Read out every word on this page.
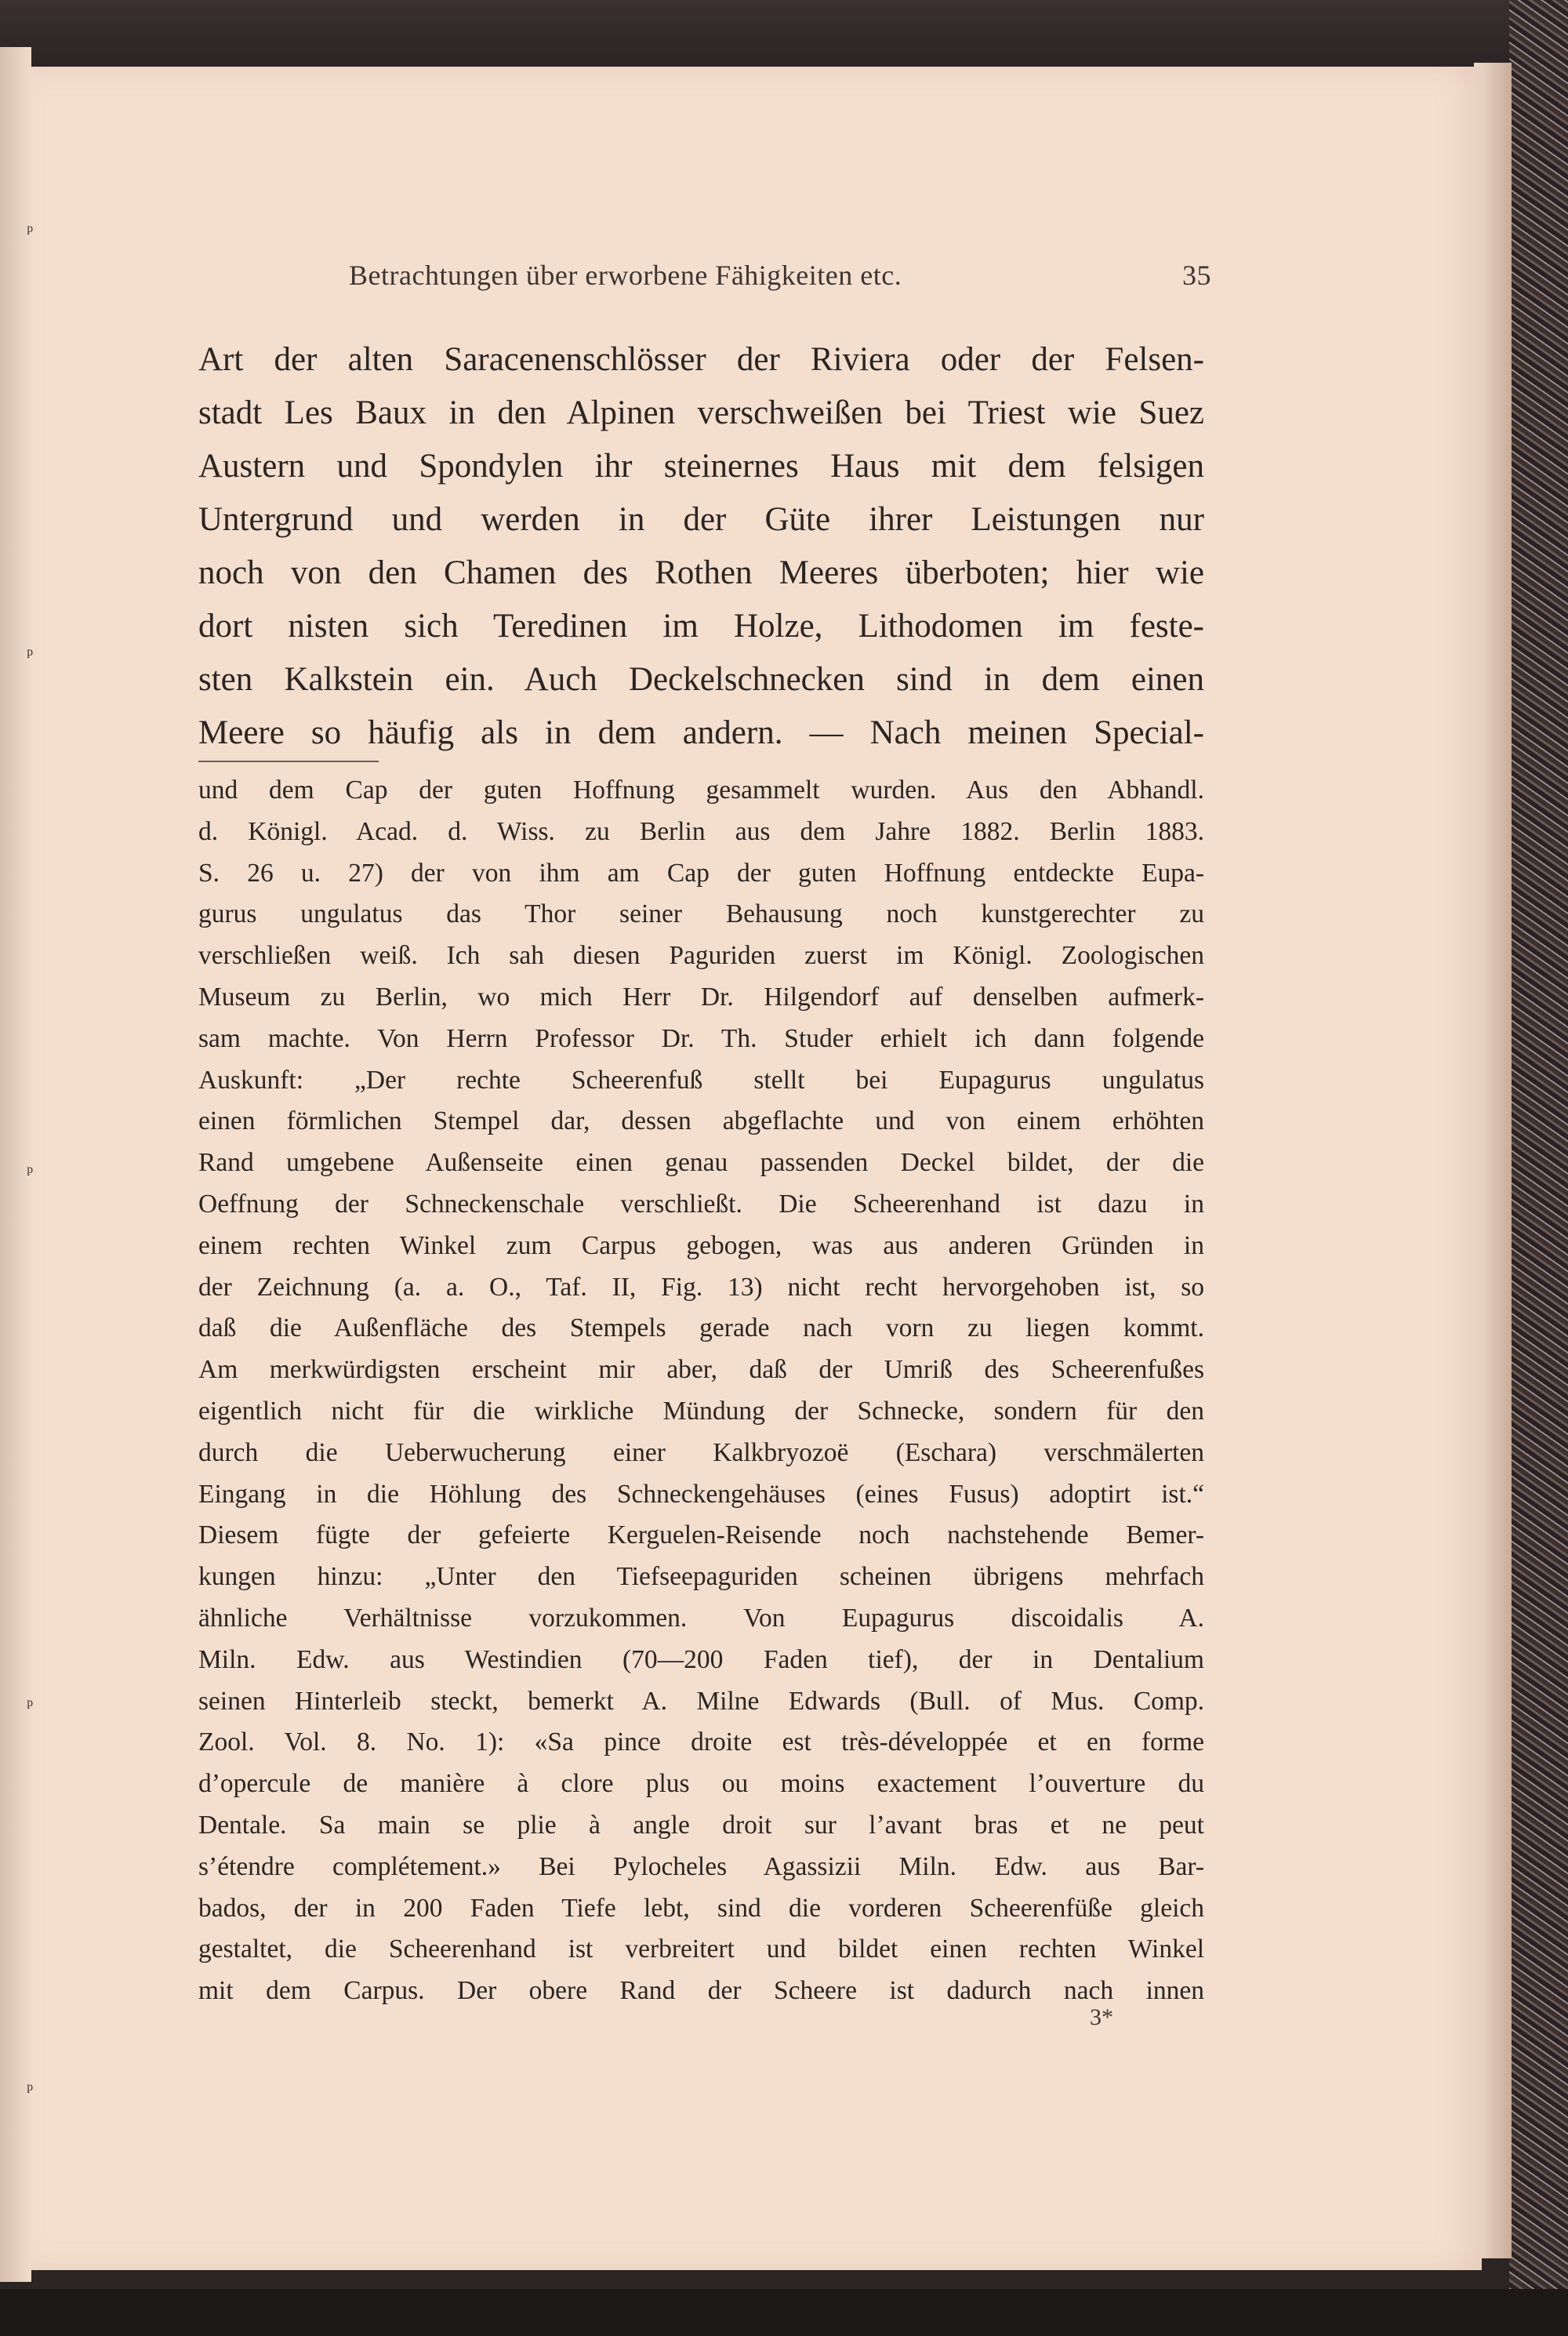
ᵖ
ᵖ
ᵖ
ᵖ
ᵖ
Betrachtungen über erworbene Fähigkeiten etc.	35
Art der alten Saracenenschlösser der Riviera oder der Felsen-
stadt Les Baux in den Alpinen verschweißen bei Triest wie Suez
Austern und Spondylen ihr steinernes Haus mit dem felsigen
Untergrund und werden in der Güte ihrer Leistungen nur
noch von den Chamen des Rothen Meeres überboten; hier wie
dort nisten sich Teredinen im Holze, Lithodomen im feste-
sten Kalkstein ein. Auch Deckelschnecken sind in dem einen
Meere so häufig als in dem andern. — Nach meinen Special-
und dem Cap der guten Hoffnung gesammelt wurden. Aus den Abhandl.
d. Königl. Acad. d. Wiss. zu Berlin aus dem Jahre 1882. Berlin 1883.
S. 26 u. 27) der von ihm am Cap der guten Hoffnung entdeckte Eupa-
gurus ungulatus das Thor seiner Behausung noch kunstgerechter zu
verschließen weiß. Ich sah diesen Paguriden zuerst im Königl. Zoologischen
Museum zu Berlin, wo mich Herr Dr. Hilgendorf auf denselben aufmerk-
sam machte. Von Herrn Professor Dr. Th. Studer erhielt ich dann folgende
Auskunft: „Der rechte Scheerenfuß stellt bei Eupagurus ungulatus
einen förmlichen Stempel dar, dessen abgeflachte und von einem erhöhten
Rand umgebene Außenseite einen genau passenden Deckel bildet, der die
Oeffnung der Schneckenschale verschließt. Die Scheerenhand ist dazu in
einem rechten Winkel zum Carpus gebogen, was aus anderen Gründen in
der Zeichnung (a. a. O., Taf. II, Fig. 13) nicht recht hervorgehoben ist, so
daß die Außenfläche des Stempels gerade nach vorn zu liegen kommt.
Am merkwürdigsten erscheint mir aber, daß der Umriß des Scheerenfußes
eigentlich nicht für die wirkliche Mündung der Schnecke, sondern für den
durch die Ueberwucherung einer Kalkbryozoë (Eschara) verschmälerten
Eingang in die Höhlung des Schneckengehäuses (eines Fusus) adoptirt ist.“
Diesem fügte der gefeierte Kerguelen-Reisende noch nachstehende Bemer-
kungen hinzu: „Unter den Tiefseepaguriden scheinen übrigens mehrfach
ähnliche Verhältnisse vorzukommen. Von Eupagurus discoidalis A.
Miln. Edw. aus Westindien (70—200 Faden tief), der in Dentalium
seinen Hinterleib steckt, bemerkt A. Milne Edwards (Bull. of Mus. Comp.
Zool. Vol. 8. No. 1): «Sa pince droite est très-développée et en forme
d’opercule de manière à clore plus ou moins exactement l’ouverture du
Dentale. Sa main se plie à angle droit sur l’avant bras et ne peut
s’étendre complétement.» Bei Pylocheles Agassizii Miln. Edw. aus Bar-
bados, der in 200 Faden Tiefe lebt, sind die vorderen Scheerenfüße gleich
gestaltet, die Scheerenhand ist verbreitert und bildet einen rechten Winkel
mit dem Carpus. Der obere Rand der Scheere ist dadurch nach innen
3*
